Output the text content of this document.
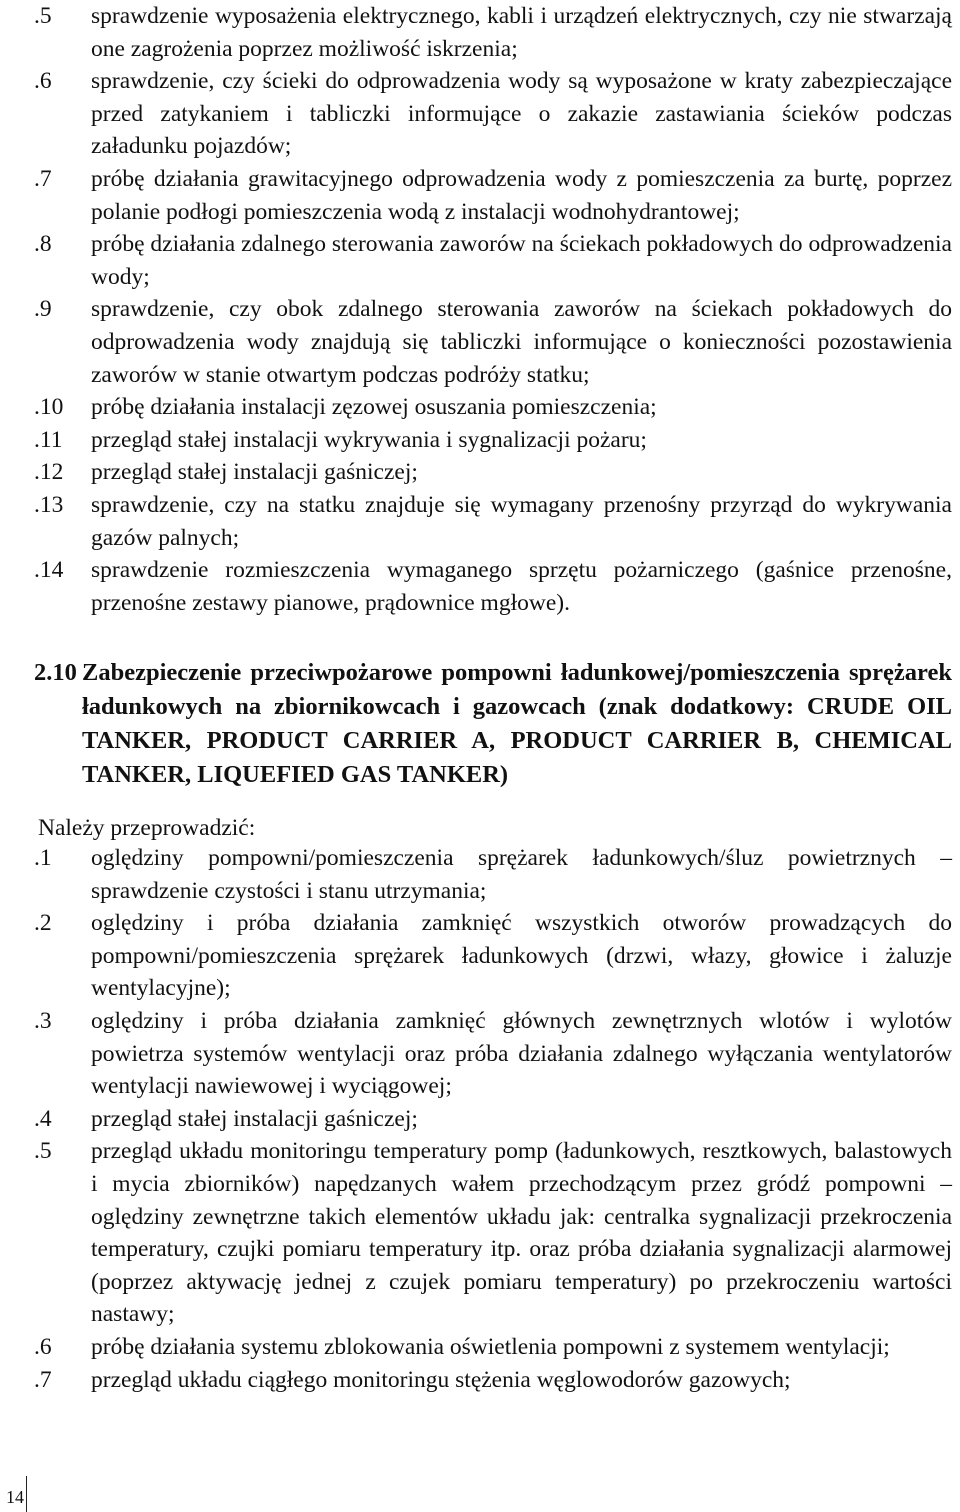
.5	sprawdzenie wyposażenia elektrycznego, kabli i urządzeń elektrycznych, czy nie stwarzają one zagrożenia poprzez możliwość iskrzenia;
.6	sprawdzenie, czy ścieki do odprowadzenia wody są wyposażone w kraty zabezpieczające przed zatykaniem i tabliczki informujące o zakazie zastawiania ścieków podczas załadunku pojazdów;
.7	próbę działania grawitacyjnego odprowadzenia wody z pomieszczenia za burtę, poprzez polanie podłogi pomieszczenia wodą z instalacji wodnohydrantowej;
.8	próbę działania zdalnego sterowania zaworów na ściekach pokładowych do odprowadzenia wody;
.9	sprawdzenie, czy obok zdalnego sterowania zaworów na ściekach pokładowych do odprowadzenia wody znajdują się tabliczki informujące o konieczności pozostawienia zaworów w stanie otwartym podczas podróży statku;
.10	próbę działania instalacji zęzowej osuszania pomieszczenia;
.11	przegląd stałej instalacji wykrywania i sygnalizacji pożaru;
.12	przegląd stałej instalacji gaśniczej;
.13	sprawdzenie, czy na statku znajduje się wymagany przenośny przyrząd do wykrywania gazów palnych;
.14	sprawdzenie rozmieszczenia wymaganego sprzętu pożarniczego (gaśnice przenośne, przenośne zestawy pianowe, prądownice mgłowe).
2.10 Zabezpieczenie przeciwpożarowe pompowni ładunkowej/pomieszczenia sprężarek ładunkowych na zbiornikowcach i gazowcach (znak dodatkowy: CRUDE OIL TANKER, PRODUCT CARRIER A, PRODUCT CARRIER B, CHEMICAL TANKER, LIQUEFIED GAS TANKER)
Należy przeprowadzić:
.1	oględziny pompowni/pomieszczenia sprężarek ładunkowych/śluz powietrznych – sprawdzenie czystości i stanu utrzymania;
.2	oględziny i próba działania zamknięć wszystkich otworów prowadzących do pompowni/pomieszczenia sprężarek ładunkowych (drzwi, włazy, głowice i żaluzje wentylacyjne);
.3	oględziny i próba działania zamknięć głównych zewnętrznych wlotów i wylotów powietrza systemów wentylacji oraz próba działania zdalnego wyłączania wentylatorów wentylacji nawiewowej i wyciągowej;
.4	przegląd stałej instalacji gaśniczej;
.5	przegląd układu monitoringu temperatury pomp (ładunkowych, resztkowych, balastowych i mycia zbiorników) napędzanych wałem przechodzącym przez gródź pompowni – oględziny zewnętrzne takich elementów układu jak: centralka sygnalizacji przekroczenia temperatury, czujki pomiaru temperatury itp. oraz próba działania sygnalizacji alarmowej (poprzez aktywację jednej z czujek pomiaru temperatury) po przekroczeniu wartości nastawy;
.6	próbę działania systemu zblokowania oświetlenia pompowni z systemem wentylacji;
.7	przegląd układu ciągłego monitoringu stężenia węglowodorów gazowych;
14
